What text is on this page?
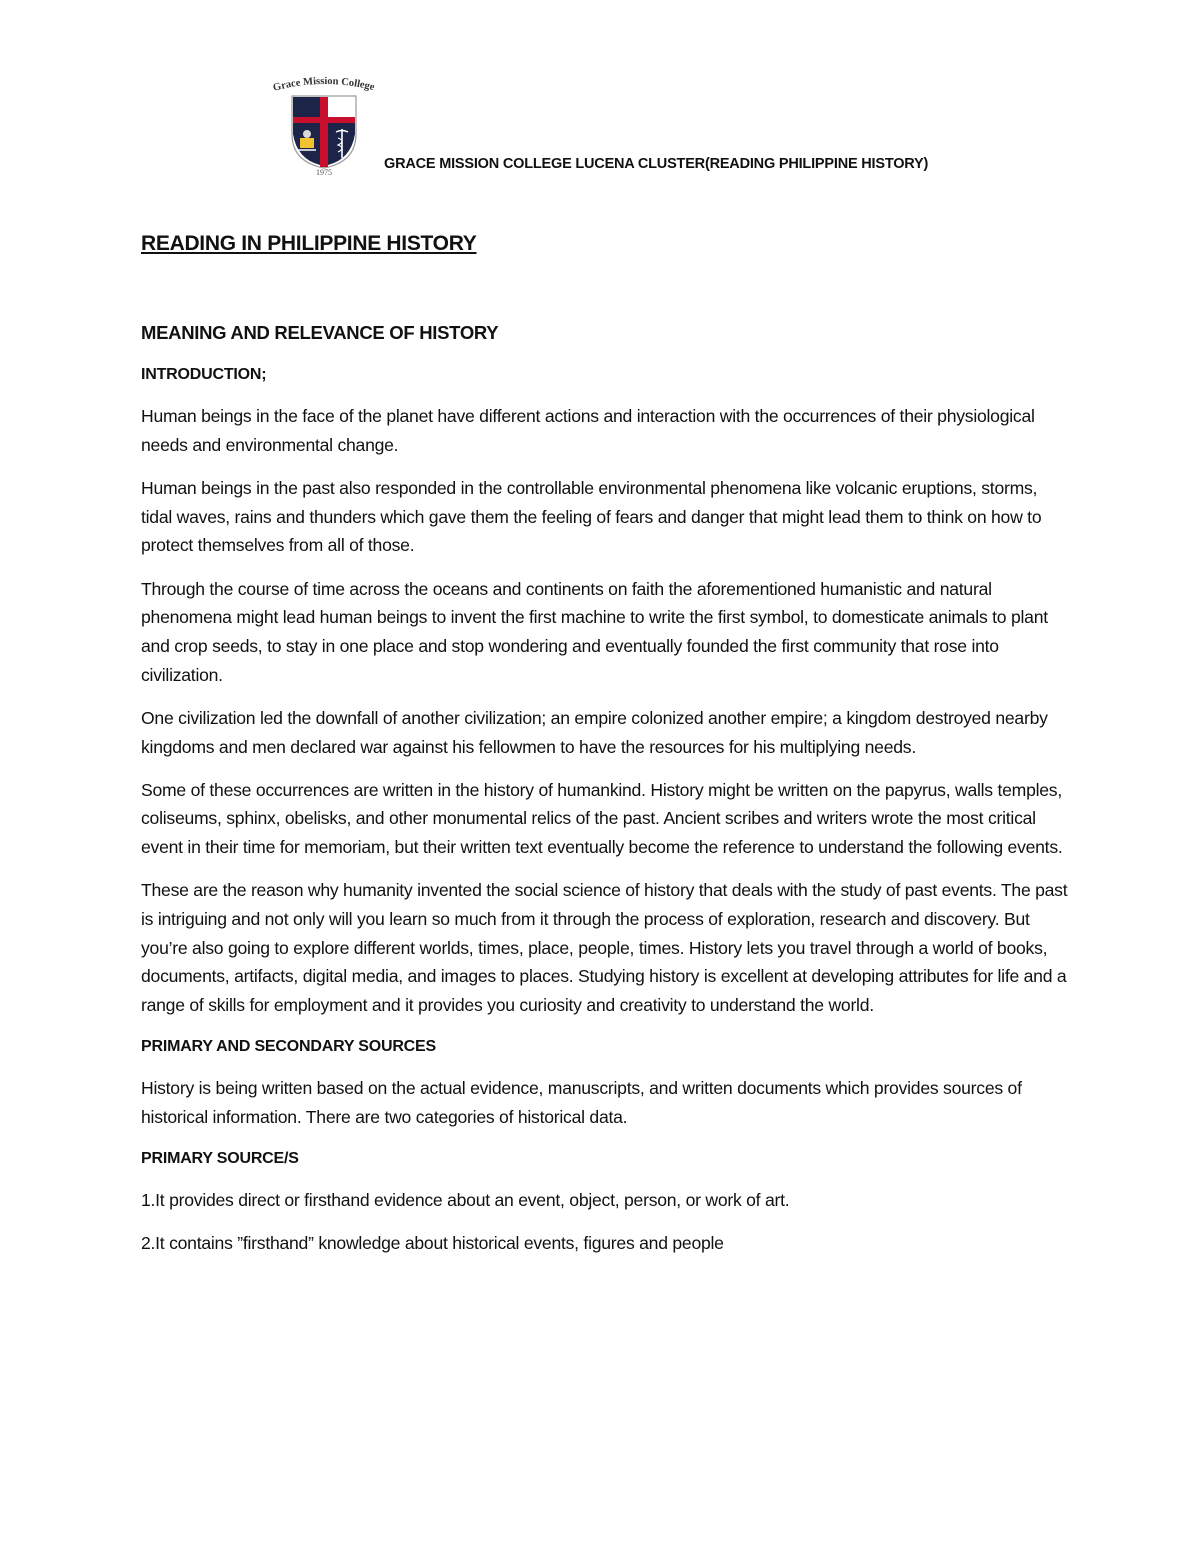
Grace Mission College
1975
GRACE MISSION COLLEGE LUCENA CLUSTER(READING PHILIPPINE HISTORY)
READING IN PHILIPPINE HISTORY
MEANING AND RELEVANCE OF HISTORY
INTRODUCTION;

Human beings in the face of the planet have different actions and interaction with the occurrences of their physiological needs and environmental change.

Human beings in the past also responded in the controllable environmental phenomena like volcanic eruptions, storms, tidal waves, rains and thunders which gave them the feeling of fears and danger that might lead them to think on how to protect themselves from all of those.

Through the course of time across the oceans and continents on faith the aforementioned humanistic and natural phenomena might lead human beings to invent the first machine to write the first symbol, to domesticate animals to plant and crop seeds, to stay in one place and stop wondering and eventually founded the first community that rose into civilization.

One civilization led the downfall of another civilization; an empire colonized another empire; a kingdom destroyed nearby kingdoms and men declared war against his fellowmen to have the resources for his multiplying needs.

Some of these occurrences are written in the history of humankind. History might be written on the papyrus, walls temples, coliseums, sphinx, obelisks, and other monumental relics of the past. Ancient scribes and writers wrote the most critical event in their time for memoriam, but their written text eventually become the reference to understand the following events.

These are the reason why humanity invented the social science of history that deals with the study of past events. The past is intriguing and not only will you learn so much from it through the process of exploration, research and discovery. But you’re also going to explore different worlds, times, place, people, times. History lets you travel through a world of books, documents, artifacts, digital media, and images to places. Studying history is excellent at developing attributes for life and a range of skills for employment and it provides you curiosity and creativity to understand the world.

PRIMARY AND SECONDARY SOURCES

History is being written based on the actual evidence, manuscripts, and written documents which provides sources of historical information. There are two categories of historical data.

PRIMARY SOURCE/S

1.It provides direct or firsthand evidence about an event, object, person, or work of art.

2.It contains ”firsthand” knowledge about historical events, figures and people
